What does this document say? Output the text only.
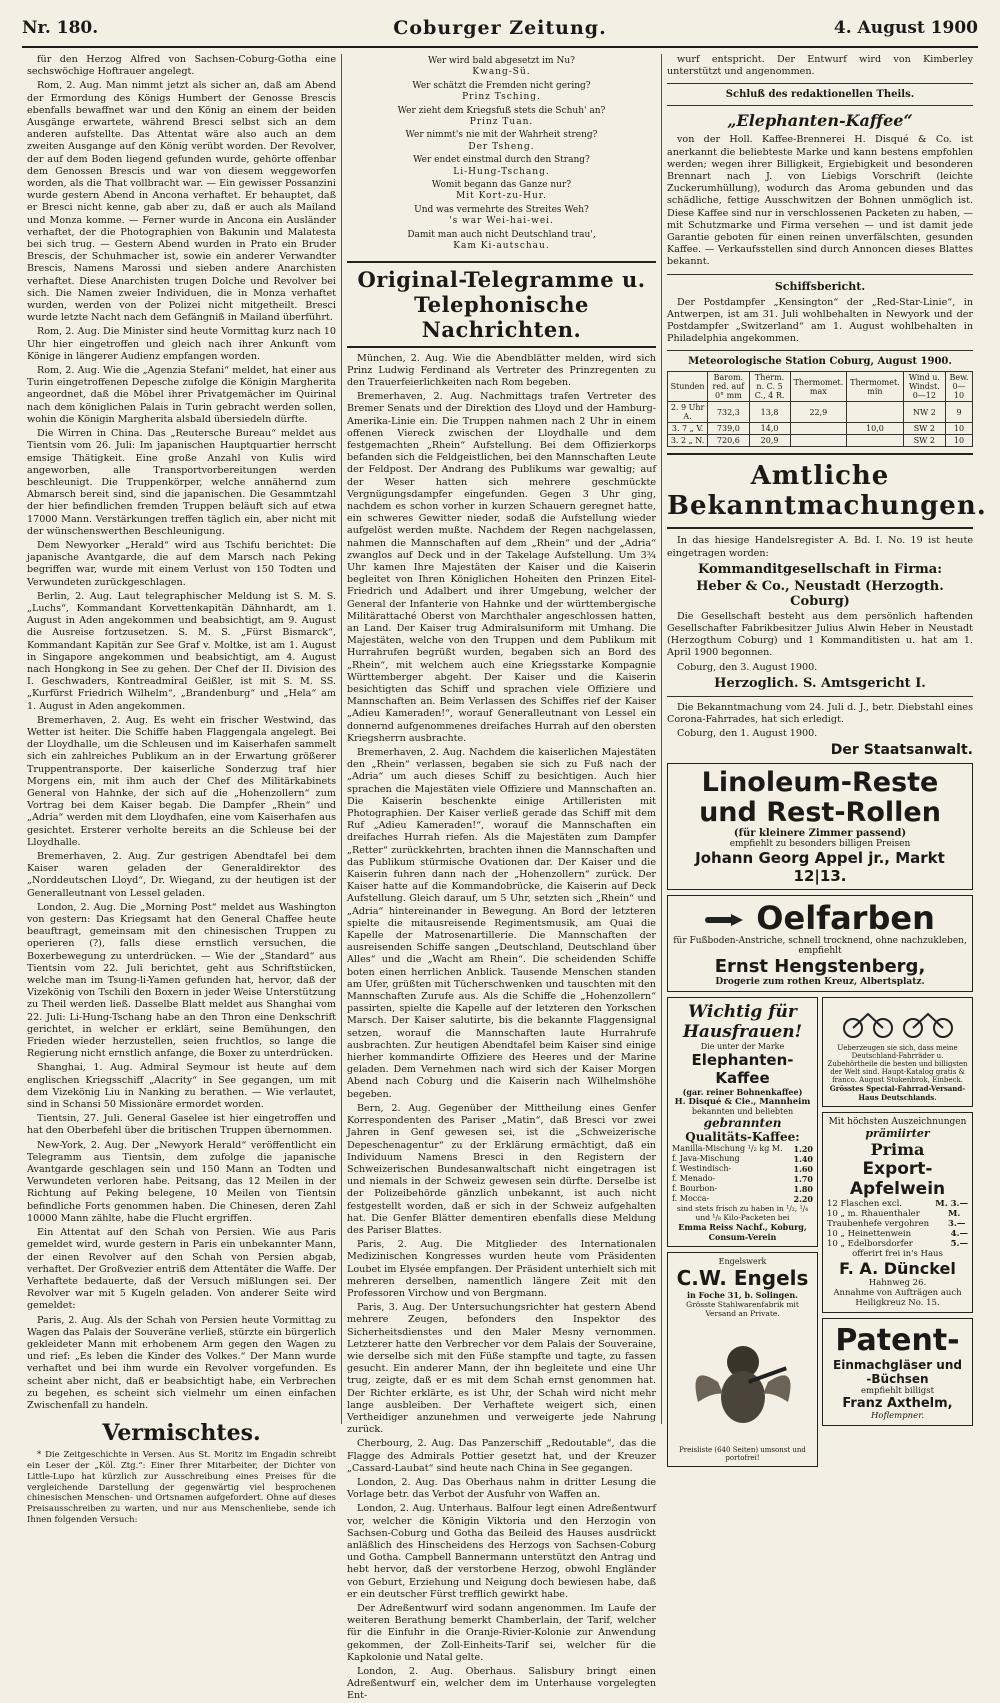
Nr. 180.	Coburger Zeitung.	4. August 1900

für den Herzog Alfred von Sachsen-Coburg-Gotha eine sechswöchige Hoftrauer angelegt.

Rom, 2. Aug. Man nimmt jetzt als sicher an, daß am Abend der Ermordung des Königs Humbert der Genosse Brescis ebenfalls bewaffnet war und den König an einem der beiden Ausgänge erwartete, während Bresci selbst sich an dem anderen aufstellte. Das Attentat wäre also auch an dem zweiten Ausgange auf den König verübt worden. Der Revolver, der auf dem Boden liegend gefunden wurde, gehörte offenbar dem Genossen Brescis und war von diesem weggeworfen worden, als die That vollbracht war. — Ein gewisser Possanzini wurde gestern Abend in Ancona verhaftet. Er behauptet, daß er Bresci nicht kenne, gab aber zu, daß er auch als Mailand und Monza komme. — Ferner wurde in Ancona ein Ausländer verhaftet, der die Photographien von Bakunin und Malatesta bei sich trug. — Gestern Abend wurden in Prato ein Bruder Brescis, der Schuhmacher ist, sowie ein anderer Verwandter Brescis, Namens Marossi und sieben andere Anarchisten verhaftet. Diese Anarchisten trugen Dolche und Revolver bei sich. Die Namen zweier Individuen, die in Monza verhaftet wurden, werden von der Polizei nicht mitgetheilt. Bresci wurde letzte Nacht nach dem Gefängniß in Mailand überführt.

Rom, 2. Aug. Die Minister sind heute Vormittag kurz nach 10 Uhr hier eingetroffen und gleich nach ihrer Ankunft vom Könige in längerer Audienz empfangen worden.

Rom, 2. Aug. Wie die „Agenzia Stefani“ meldet, hat einer aus Turin eingetroffenen Depesche zufolge die Königin Margherita angeordnet, daß die Möbel ihrer Privatgemächer im Quirinal nach dem königlichen Palais in Turin gebracht werden sollen, wohin die Königin Margherita alsbald übersiedeln dürfte.

Die Wirren in China. Das „Reutersche Bureau“ meldet aus Tientsin vom 26. Juli: Im japanischen Hauptquartier herrscht emsige Thätigkeit. Eine große Anzahl von Kulis wird angeworben, alle Transportvorbereitungen werden beschleunigt. Die Truppenkörper, welche annähernd zum Abmarsch bereit sind, sind die japanischen. Die Gesammtzahl der hier befindlichen fremden Truppen beläuft sich auf etwa 17000 Mann. Verstärkungen treffen täglich ein, aber nicht mit der wünschenswerthen Beschleunigung.

Dem Newyorker „Herald“ wird aus Tschifu berichtet: Die japanische Avantgarde, die auf dem Marsch nach Peking begriffen war, wurde mit einem Verlust von 150 Todten und Verwundeten zurückgeschlagen.

Berlin, 2. Aug. Laut telegraphischer Meldung ist S. M. S. „Luchs“, Kommandant Korvettenkapitän Dähnhardt, am 1. August in Aden angekommen und beabsichtigt, am 9. August die Ausreise fortzusetzen. S. M. S. „Fürst Bismarck“, Kommandant Kapitän zur See Graf v. Moltke, ist am 1. August in Singapore angekommen und beabsichtigt, am 4. August nach Hongkong in See zu gehen. Der Chef der II. Division des I. Geschwaders, Kontreadmiral Geißler, ist mit S. M. SS. „Kurfürst Friedrich Wilhelm“, „Brandenburg“ und „Hela“ am 1. August in Aden angekommen.

Bremerhaven, 2. Aug. Es weht ein frischer Westwind, das Wetter ist heiter. Die Schiffe haben Flaggengala angelegt. Bei der Lloydhalle, um die Schleusen und im Kaiserhafen sammelt sich ein zahlreiches Publikum an in der Erwartung größerer Truppentransporte. Der kaiserliche Sonderzug traf hier Morgens ein, mit ihm auch der Chef des Militärkabinets General von Hahnke, der sich auf die „Hohenzollern“ zum Vortrag bei dem Kaiser begab. Die Dampfer „Rhein“ und „Adria“ werden mit dem Lloydhafen, eine vom Kaiserhafen aus gesichtet. Ersterer verholte bereits an die Schleuse bei der Lloydhalle.

Bremerhaven, 2. Aug. Zur gestrigen Abendtafel bei dem Kaiser waren geladen der Generaldirektor des „Norddeutschen Lloyd“, Dr. Wiegand, zu der heutigen ist der Generalleutnant von Lessel geladen.

London, 2. Aug. Die „Morning Post“ meldet aus Washington von gestern: Das Kriegsamt hat den General Chaffee heute beauftragt, gemeinsam mit den chinesischen Truppen zu operieren (?), falls diese ernstlich versuchen, die Boxerbewegung zu unterdrücken. — Wie der „Standard“ aus Tientsin vom 22. Juli berichtet, geht aus Schriftstücken, welche man im Tsung-li-Yamen gefunden hat, hervor, daß der Vizekönig von Tschili den Boxern in jeder Weise Unterstützung zu Theil werden ließ. Dasselbe Blatt meldet aus Shanghai vom 22. Juli: Li-Hung-Tschang habe an den Thron eine Denkschrift gerichtet, in welcher er erklärt, seine Bemühungen, den Frieden wieder herzustellen, seien fruchtlos, so lange die Regierung nicht ernstlich anfange, die Boxer zu unterdrücken.

Shanghai, 1. Aug. Admiral Seymour ist heute auf dem englischen Kriegsschiff „Alacrity“ in See gegangen, um mit dem Vizekönig Liu in Nanking zu berathen. — Wie verlautet, sind in Schansi 50 Missionäre ermordet worden.

Tientsin, 27. Juli. General Gaselee ist hier eingetroffen und hat den Oberbefehl über die britischen Truppen übernommen.

New-York, 2. Aug. Der „Newyork Herald“ veröffentlicht ein Telegramm aus Tientsin, dem zufolge die japanische Avantgarde geschlagen sein und 150 Mann an Todten und Verwundeten verloren habe. Peitsang, das 12 Meilen in der Richtung auf Peking belegene, 10 Meilen von Tientsin befindliche Forts genommen haben. Die Chinesen, deren Zahl 10000 Mann zählte, habe die Flucht ergriffen.

Ein Attentat auf den Schah von Persien. Wie aus Paris gemeldet wird, wurde gestern in Paris ein unbekannter Mann, der einen Revolver auf den Schah von Persien abgab, verhaftet. Der Großvezier entriß dem Attentäter die Waffe. Der Verhaftete bedauerte, daß der Versuch mißlungen sei. Der Revolver war mit 5 Kugeln geladen. Von anderer Seite wird gemeldet:

Paris, 2. Aug. Als der Schah von Persien heute Vormittag zu Wagen das Palais der Souveräne verließ, stürzte ein bürgerlich gekleideter Mann mit erhobenem Arm gegen den Wagen zu und rief: „Es leben die Kinder des Volkes.“ Der Mann wurde verhaftet und bei ihm wurde ein Revolver vorgefunden. Es scheint aber nicht, daß er beabsichtigt habe, ein Verbrechen zu begehen, es scheint sich vielmehr um einen einfachen Zwischenfall zu handeln.

Vermischtes.

* Die Zeitgeschichte in Versen. Aus St. Moritz im Engadin schreibt ein Leser der „Köl. Ztg.“: Einer Ihrer Mitarbeiter, der Dichter von Little-Lupo hat kürzlich zur Ausschreibung eines Preises für die vergleichende Darstellung der gegenwärtig viel besprochenen chinesischen Menschen- und Ortsnamen aufgefordert. Ohne auf dieses Preisausschreiben zu warten, und nur aus Menschenliebe, sende ich Ihnen folgenden Versuch:

Wer wird bald abgesetzt im Nu?
Kwang-Sü.
Wer schätzt die Fremden nicht gering?
Prinz Tsching.
Wer zieht dem Kriegsfuß stets die Schuh' an?
Prinz Tuan.
Wer nimmt's nie mit der Wahrheit streng?
Der Tsheng.
Wer endet einstmal durch den Strang?
Li-Hung-Tschang.
Womit begann das Ganze nur?
Mit Kort-zu-Hur.
Und was vermehrte des Streites Weh?
's war Wei-hai-wei.
Damit man auch nicht Deutschland trau',
Kam Ki-autschau.
Original-Telegramme u. Telephonische Nachrichten.

München, 2. Aug. Wie die Abendblätter melden, wird sich Prinz Ludwig Ferdinand als Vertreter des Prinzregenten zu den Trauerfeierlichkeiten nach Rom begeben.

Bremerhaven, 2. Aug. Nachmittags trafen Vertreter des Bremer Senats und der Direktion des Lloyd und der Hamburg-Amerika-Linie ein. Die Truppen nahmen nach 2 Uhr in einem offenen Viereck zwischen der Lloydhalle und dem festgemachten „Rhein“ Aufstellung. Bei dem Offizierkorps befanden sich die Feldgeistlichen, bei den Mannschaften Leute der Feldpost. Der Andrang des Publikums war gewaltig; auf der Weser hatten sich mehrere geschmückte Vergnügungsdampfer eingefunden. Gegen 3 Uhr ging, nachdem es schon vorher in kurzen Schauern geregnet hatte, ein schweres Gewitter nieder, sodaß die Aufstellung wieder aufgelöst werden mußte. Nachdem der Regen nachgelassen, nahmen die Mannschaften auf dem „Rhein“ und der „Adria“ zwanglos auf Deck und in der Takelage Aufstellung. Um 3¾ Uhr kamen Ihre Majestäten der Kaiser und die Kaiserin begleitet von Ihren Königlichen Hoheiten den Prinzen Eitel-Friedrich und Adalbert und ihrer Umgebung, welcher der General der Infanterie von Hahnke und der württembergische Militärattaché Oberst von Marchthaler angeschlossen hatten, an Land. Der Kaiser trug Admiralsuniform mit Umhang. Die Majestäten, welche von den Truppen und dem Publikum mit Hurrahrufen begrüßt wurden, begaben sich an Bord des „Rhein“, mit welchem auch eine Kriegsstarke Kompagnie Württemberger abgeht. Der Kaiser und die Kaiserin besichtigten das Schiff und sprachen viele Offiziere und Mannschaften an. Beim Verlassen des Schiffes rief der Kaiser „Adieu Kameraden!“, worauf Generalleutnant von Lessel ein donnernd aufgenommenes dreifaches Hurrah auf den obersten Kriegsherrn ausbrachte.

Bremerhaven, 2. Aug. Nachdem die kaiserlichen Majestäten den „Rhein“ verlassen, begaben sie sich zu Fuß nach der „Adria“ um auch dieses Schiff zu besichtigen. Auch hier sprachen die Majestäten viele Offiziere und Mannschaften an. Die Kaiserin beschenkte einige Artilleristen mit Photographien. Der Kaiser verließ gerade das Schiff mit dem Ruf „Adieu Kameraden!“, worauf die Mannschaften ein dreifaches Hurrah riefen. Als die Majestäten zum Dampfer „Retter“ zurückkehrten, brachten ihnen die Mannschaften und das Publikum stürmische Ovationen dar. Der Kaiser und die Kaiserin fuhren dann nach der „Hohenzollern“ zurück. Der Kaiser hatte auf die Kommandobrücke, die Kaiserin auf Deck Aufstellung. Gleich darauf, um 5 Uhr, setzten sich „Rhein“ und „Adria“ hintereinander in Bewegung. An Bord der letzteren spielte die mitausreisende Regimentsmusik, am Quai die Kapelle der Matrosenartillerie. Die Mannschaften der ausreisenden Schiffe sangen „Deutschland, Deutschland über Alles“ und die „Wacht am Rhein“. Die scheidenden Schiffe boten einen herrlichen Anblick. Tausende Menschen standen am Ufer, grüßten mit Tücherschwenken und tauschten mit den Mannschaften Zurufe aus. Als die Schiffe die „Hohenzollern“ passirten, spielte die Kapelle auf der letzteren den Yorkschen Marsch. Der Kaiser salutirte, bis die bekannte Flaggensignal setzen, worauf die Mannschaften laute Hurrahrufe ausbrachten. Zur heutigen Abendtafel beim Kaiser sind einige hierher kommandirte Offiziere des Heeres und der Marine geladen. Dem Vernehmen nach wird sich der Kaiser Morgen Abend nach Coburg und die Kaiserin nach Wilhelmshöhe begeben.

Bern, 2. Aug. Gegenüber der Mittheilung eines Genfer Korrespondenten des Pariser „Matin“, daß Bresci vor zwei Jahren in Genf gewesen sei, ist die „Schweizerische Depeschenagentur“ zu der Erklärung ermächtigt, daß ein Individuum Namens Bresci in den Registern der Schweizerischen Bundesanwaltschaft nicht eingetragen ist und niemals in der Schweiz gewesen sein dürfte. Derselbe ist der Polizeibehörde gänzlich unbekannt, ist auch nicht festgestellt worden, daß er sich in der Schweiz aufgehalten hat. Die Genfer Blätter dementiren ebenfalls diese Meldung des Pariser Blattes.

Paris, 2. Aug. Die Mitglieder des Internationalen Medizinischen Kongresses wurden heute vom Präsidenten Loubet im Elysée empfangen. Der Präsident unterhielt sich mit mehreren derselben, namentlich längere Zeit mit den Professoren Virchow und von Bergmann.

Paris, 3. Aug. Der Untersuchungsrichter hat gestern Abend mehrere Zeugen, befonders den Inspektor des Sicherheitsdienstes und den Maler Mesny vernommen. Letzterer hatte den Verbrecher vor dem Palais der Souveraine, wie derselbe sich mit den Füße stampfte und tagte, zu fassen gesucht. Ein anderer Mann, der ihn begleitete und eine Uhr trug, zeigte, daß er es mit dem Schah ernst genommen hat. Der Richter erklärte, es ist Uhr, der Schah wird nicht mehr lange ausbleiben. Der Verhaftete weigert sich, einen Vertheidiger anzunehmen und verweigerte jede Nahrung zurück.

Cherbourg, 2. Aug. Das Panzerschiff „Redoutable“, das die Flagge des Admirals Pottier gesetzt hat, und der Kreuzer „Cassard-Laubat“ sind heute nach China in See gegangen.

London, 2. Aug. Das Oberhaus nahm in dritter Lesung die Vorlage betr. das Verbot der Ausfuhr von Waffen an.

London, 2. Aug. Unterhaus. Balfour legt einen Adreßentwurf vor, welcher die Königin Viktoria und den Herzogin von Sachsen-Coburg und Gotha das Beileid des Hauses ausdrückt anläßlich des Hinscheidens des Herzogs von Sachsen-Coburg und Gotha. Campbell Bannermann unterstützt den Antrag und hebt hervor, daß der verstorbene Herzog, obwohl Engländer von Geburt, Erziehung und Neigung doch bewiesen habe, daß er ein deutscher Fürst trefflich gewirkt habe.

Der Adreßentwurf wird sodann angenommen. Im Laufe der weiteren Berathung bemerkt Chamberlain, der Tarif, welcher für die Einfuhr in die Oranje-Rivier-Kolonie zur Anwendung gekommen, der Zoll-Einheits-Tarif sei, welcher für die Kapkolonie und Natal gelte.

London, 2. Aug. Oberhaus. Salisbury bringt einen Adreßentwurf ein, welcher dem im Unterhause vorgelegten Ent-

wurf entspricht. Der Entwurf wird von Kimberley unterstützt und angenommen.

Schluß des redaktionellen Theils.
„Elephanten-Kaffee“

von der Holl. Kaffee-Brennerei H. Disqué & Co. ist anerkannt die beliebteste Marke und kann bestens empfohlen werden; wegen ihrer Billigkeit, Ergiebigkeit und besonderen Brennart nach J. von Liebigs Vorschrift (leichte Zuckerumhüllung), wodurch das Aroma gebunden und das schädliche, fettige Ausschwitzen der Bohnen unmöglich ist. Diese Kaffee sind nur in verschlossenen Packeten zu haben, — mit Schutzmarke und Firma versehen — und ist damit jede Garantie geboten für einen reinen unverfälschten, gesunden Kaffee. — Verkaufsstellen sind durch Annoncen dieses Blattes bekannt.

Schiffsbericht.

Der Postdampfer „Kensington“ der „Red-Star-Linie“, in Antwerpen, ist am 31. Juli wohlbehalten in Newyork und der Postdampfer „Switzerland“ am 1. August wohlbehalten in Philadelphia angekommen.

Meteorologische Station Coburg, August 1900.
Stunden	Barom. red. auf 0° mm	Therm. n. C. 5 C., 4 R.	Thermomet. max	Thermomet. min	Wind u. Windst. 0—12	Bew. 0—10
2. 9 Uhr A.	732,3	13,8	22,9		NW 2	9
3. 7 „ V.	739,0	14,0		10,0	SW 2	10
3. 2 „ N.	720,6	20,9			SW 2	10
Amtliche Bekanntmachungen.

In das hiesige Handelsregister A. Bd. I. No. 19 ist heute eingetragen worden:

Kommanditgesellschaft in Firma:
Heber & Co., Neustadt (Herzogth. Coburg)

Die Gesellschaft besteht aus dem persönlich haftenden Gesellschafter Fabrikbesitzer Julius Alwin Heber in Neustadt (Herzogthum Coburg) und 1 Kommanditisten u. hat am 1. April 1900 begonnen.

Coburg, den 3. August 1900.

Herzoglich. S. Amtsgericht I.

Die Bekanntmachung vom 24. Juli d. J., betr. Diebstahl eines Corona-Fahrrades, hat sich erledigt.

Coburg, den 1. August 1900.

Der Staatsanwalt.
Linoleum-Reste
und Rest-Rollen
(für kleinere Zimmer passend)
empfiehlt zu besonders billigen Preisen
Johann Georg Appel jr., Markt 12|13.
Oelfarben
für Fußboden-Anstriche, schnell trocknend, ohne nachzukleben,
empfiehlt
Ernst Hengstenberg,
Drogerie zum rothen Kreuz, Albertsplatz.
Wichtig für Hausfrauen!
Die unter der Marke
Elephanten-Kaffee
(gar. reiner Bohnenkaffee)
H. Disqué & Cie., Mannheim
bekannten und beliebten
gebrannten
Qualitäts-Kaffee:
Manilla-Mischung ¹/₂ kg M. 1.20
f. Java-Mischung	1.40
f. Westindisch-	1.60
f. Menado-	1.70
f. Bourbon-	1.80
f. Mocca-	2.20
sind stets frisch zu haben in ¹/₂, ¹/₄ und ¹/₈ Kilo-Packeten bei
Emma Reiss Nachf., Koburg,
Consum-Verein
Engelswerk
C.W. Engels
in Foche 31, b. Solingen.
Grösste Stahlwarenfabrik mit Versand an Private.
Preisliste (640 Seiten) umsonst und portofrei!
Ueberzeugen sie sich, dass meine Deutschland-Fahrräder u. Zubehörtheile die besten und billigsten der Welt sind. Haupt-Katalog gratis & franco. August Stukenbrok, Einbeck.
Grösstes Special-Fahrrad-Versand-Haus Deutschlands.
Mit höchsten Auszeichnungen
prämiirter
Prima
Export-Apfelwein
12 Flaschen excl.	M. 3.—
10 „ m. Rhauenthaler Traubenhefe vergohren
M. 3.—
10 „ Heinettenwein	4.—
10 „ Edelborsdorfer	5.—
offerirt frei in's Haus
F. A. Dünckel
Hahnweg 26.
Annahme von Aufträgen auch Heiligkreuz No. 15.
Patent-
Einmachgläser und
-Büchsen
empfiehlt billigst
Franz Axthelm,
Hoflempner.
